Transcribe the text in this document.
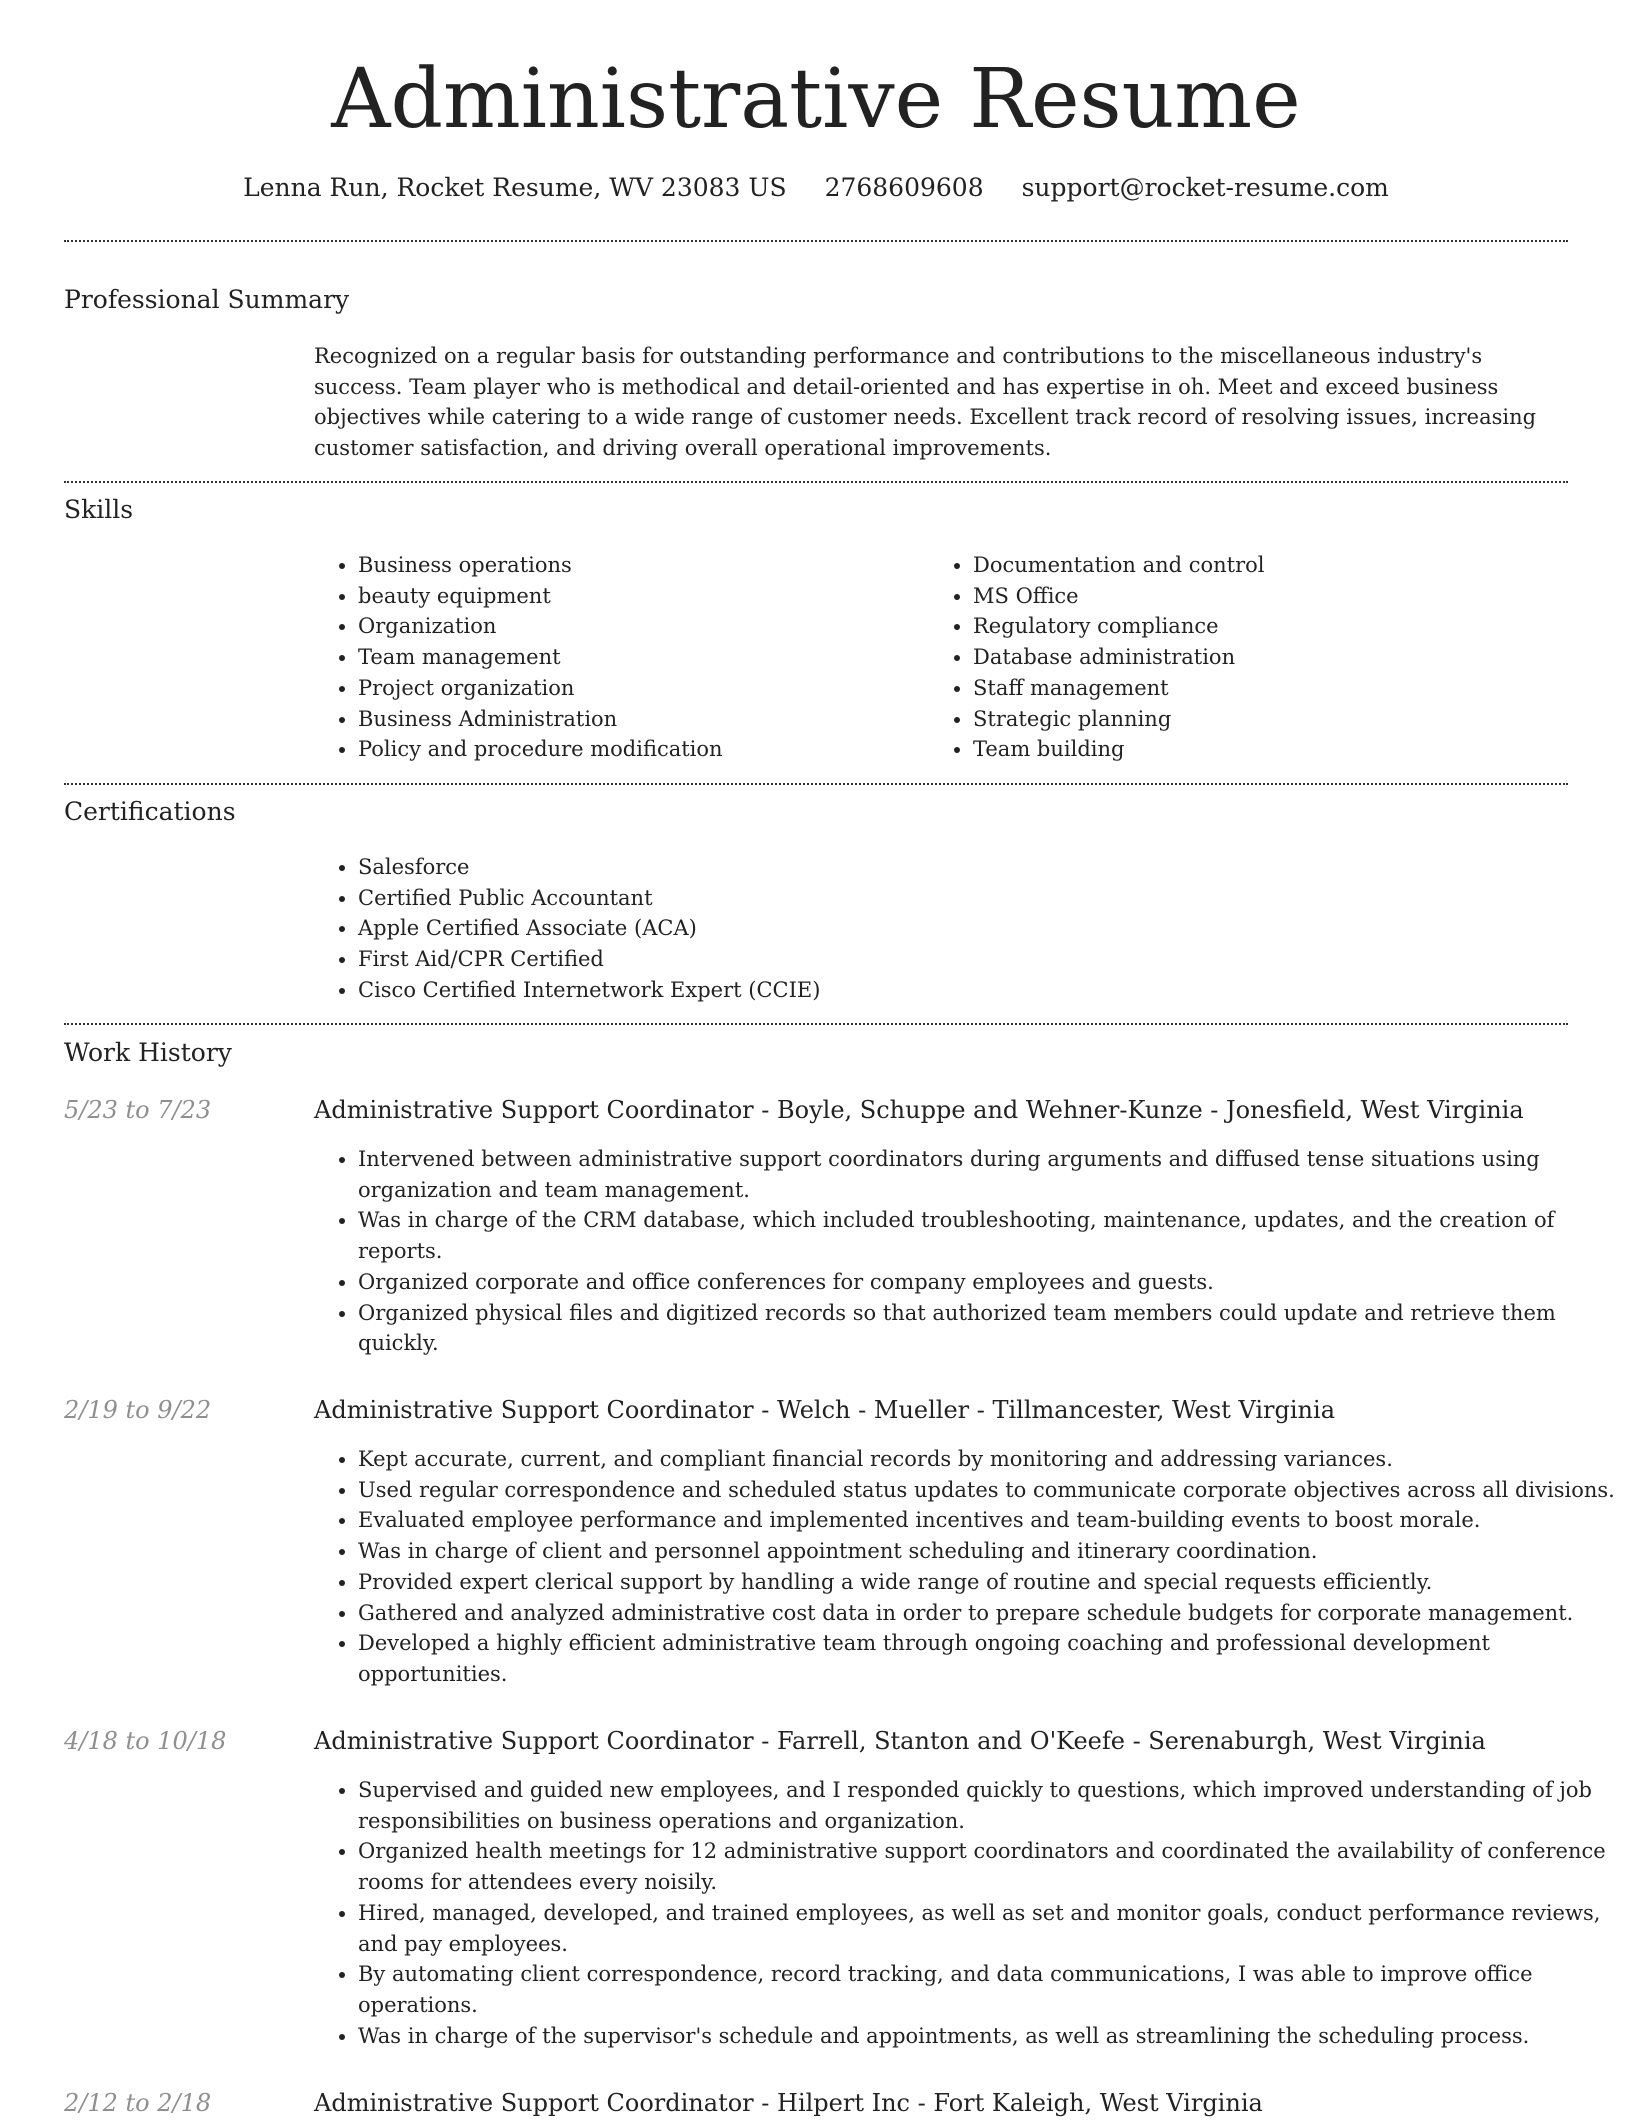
Administrative Resume
Lenna Run, Rocket Resume, WV 23083 US 2768609608 support@rocket-resume.com
Professional Summary
Recognized on a regular basis for outstanding performance and contributions to the miscellaneous industry's success. Team player who is methodical and detail-oriented and has expertise in oh. Meet and exceed business objectives while catering to a wide range of customer needs. Excellent track record of resolving issues, increasing customer satisfaction, and driving overall operational improvements.
Skills
• Business operations
• beauty equipment
• Organization
• Team management
• Project organization
• Business Administration
• Policy and procedure modification
• Documentation and control
• MS Office
• Regulatory compliance
• Database administration
• Staff management
• Strategic planning
• Team building
Certifications
• Salesforce
• Certified Public Accountant
• Apple Certified Associate (ACA)
• First Aid/CPR Certified
• Cisco Certified Internetwork Expert (CCIE)
Work History
5/23 to 7/23	Administrative Support Coordinator - Boyle, Schuppe and Wehner-Kunze - Jonesfield, West Virginia
• Intervened between administrative support coordinators during arguments and diffused tense situations using organization and team management.
• Was in charge of the CRM database, which included troubleshooting, maintenance, updates, and the creation of reports.
• Organized corporate and office conferences for company employees and guests.
• Organized physical files and digitized records so that authorized team members could update and retrieve them quickly.
2/19 to 9/22	Administrative Support Coordinator - Welch - Mueller - Tillmancester, West Virginia
• Kept accurate, current, and compliant financial records by monitoring and addressing variances.
• Used regular correspondence and scheduled status updates to communicate corporate objectives across all divisions.
• Evaluated employee performance and implemented incentives and team-building events to boost morale.
• Was in charge of client and personnel appointment scheduling and itinerary coordination.
• Provided expert clerical support by handling a wide range of routine and special requests efficiently.
• Gathered and analyzed administrative cost data in order to prepare schedule budgets for corporate management.
• Developed a highly efficient administrative team through ongoing coaching and professional development opportunities.
4/18 to 10/18	Administrative Support Coordinator - Farrell, Stanton and O'Keefe - Serenaburgh, West Virginia
• Supervised and guided new employees, and I responded quickly to questions, which improved understanding of job responsibilities on business operations and organization.
• Organized health meetings for 12 administrative support coordinators and coordinated the availability of conference rooms for attendees every noisily.
• Hired, managed, developed, and trained employees, as well as set and monitor goals, conduct performance reviews, and pay employees.
• By automating client correspondence, record tracking, and data communications, I was able to improve office operations.
• Was in charge of the supervisor's schedule and appointments, as well as streamlining the scheduling process.
2/12 to 2/18	Administrative Support Coordinator - Hilpert Inc - Fort Kaleigh, West Virginia
